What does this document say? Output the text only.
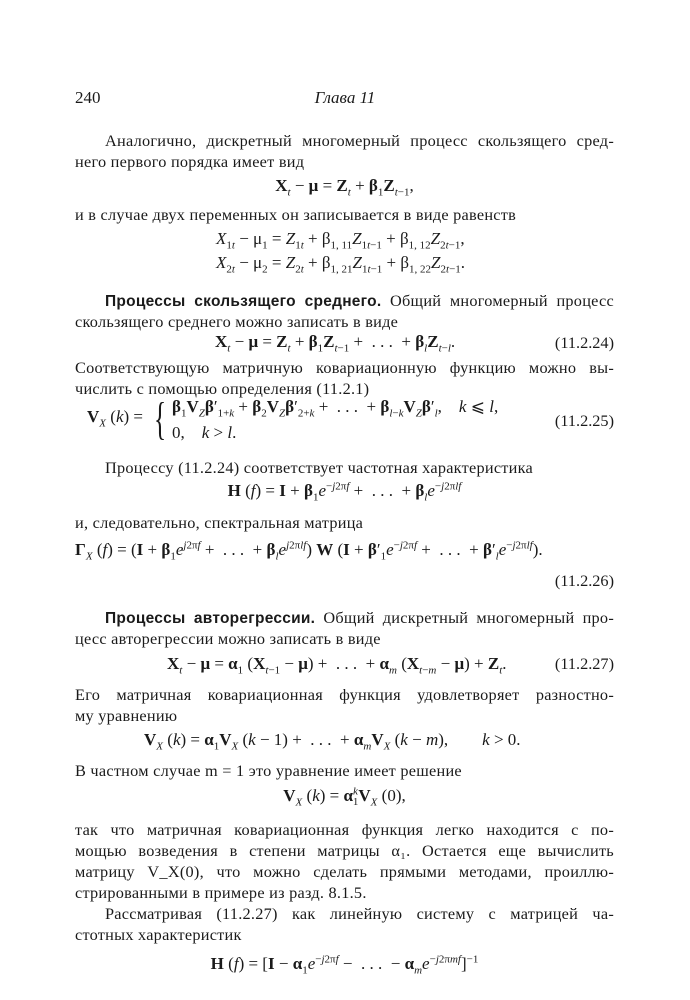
240	Глава 11
Аналогично, дискретный многомерный процесс скользящего сред-
него первого порядка имеет вид
$X_t - \mu = Z_t + \beta_1Z_{t-1}$,
и в случае двух переменных он записывается в виде равенств
$X_{1t} - \mu_1 = Z_{1t} + \beta_{1, 11}Z_{1t-1} + \beta_{1, 12}Z_{2t-1}$,
$X_{2t} - \mu_2 = Z_{2t} + \beta_{1, 21}Z_{1t-1} + \beta_{1, 22}Z_{2t-1}$.
Процессы скользящего среднего. Общий многомерный процесс
скользящего среднего можно записать в виде
$X_t - \mu = Z_t + \beta_1Z_{t-1}$ +  . . .  + $\beta_lZ_{t-l}$.	(11.2.24)
Соответствующую матричную ковариационную функцию можно вы-
числить с помощью определения (11.2.1)
$V_X$ (k) = { $\beta_1V_Z\beta'_{1+k} + \beta_2V_Z\beta'_{2+k}$ +  . . .  + $\beta_{l-k}V_Z\beta'_l$,    k ⩽ l,
0,    k > l.
(11.2.25)
Процессу (11.2.24) соответствует частотная характеристика
H $(f) = I + \beta_1e^{-j2\pi f}$ +  . . .  + $\beta_le^{-j2\pi lf}$
и, следовательно, спектральная матрица
$\Gamma_X$ $(f) = (I + \beta_1e^{j2\pi f}$ +  . . .  + $\beta_le^{j2\pi lf}$) W ($I + \beta'_1e^{-j2\pi f}$ +  . . .  + $\beta'_le^{-j2\pi lf}$).
(11.2.26)
Процессы авторегрессии. Общий дискретный многомерный про-
цесс авторегрессии можно записать в виде
$X_t - \mu = \alpha_1$ $(X_{t-1} - \mu)$ +  . . .  + $\alpha_m$ $(X_{t-m} - \mu) + Z_t$.	(11.2.27)
Его матричная ковариационная функция удовлетворяет разностно-
му уравнению
$V_X$ $(k) = \alpha_1V_X$ (k − 1) +  . . .  + $\alpha_mV_X$ (k − m),        k > 0.
В частном случае m = 1 это уравнение имеет решение
$V_X$ $(k) = \alpha^k_1V_X$ (0),
так что матричная ковариационная функция легко находится с по-
мощью возведения в степени матрицы α₁. Остается еще вычислить
матрицу V_X(0), что можно сделать прямыми методами, проиллю-
стрированными в примере из разд. 8.1.5.
Рассматривая (11.2.27) как линейную систему с матрицей ча-
стотных характеристик
H $(f) = [I - \alpha_1e^{-j2\pi f}$ −  . . .  − $\alpha_me^{-j2\pi mf}]^{-1}$
